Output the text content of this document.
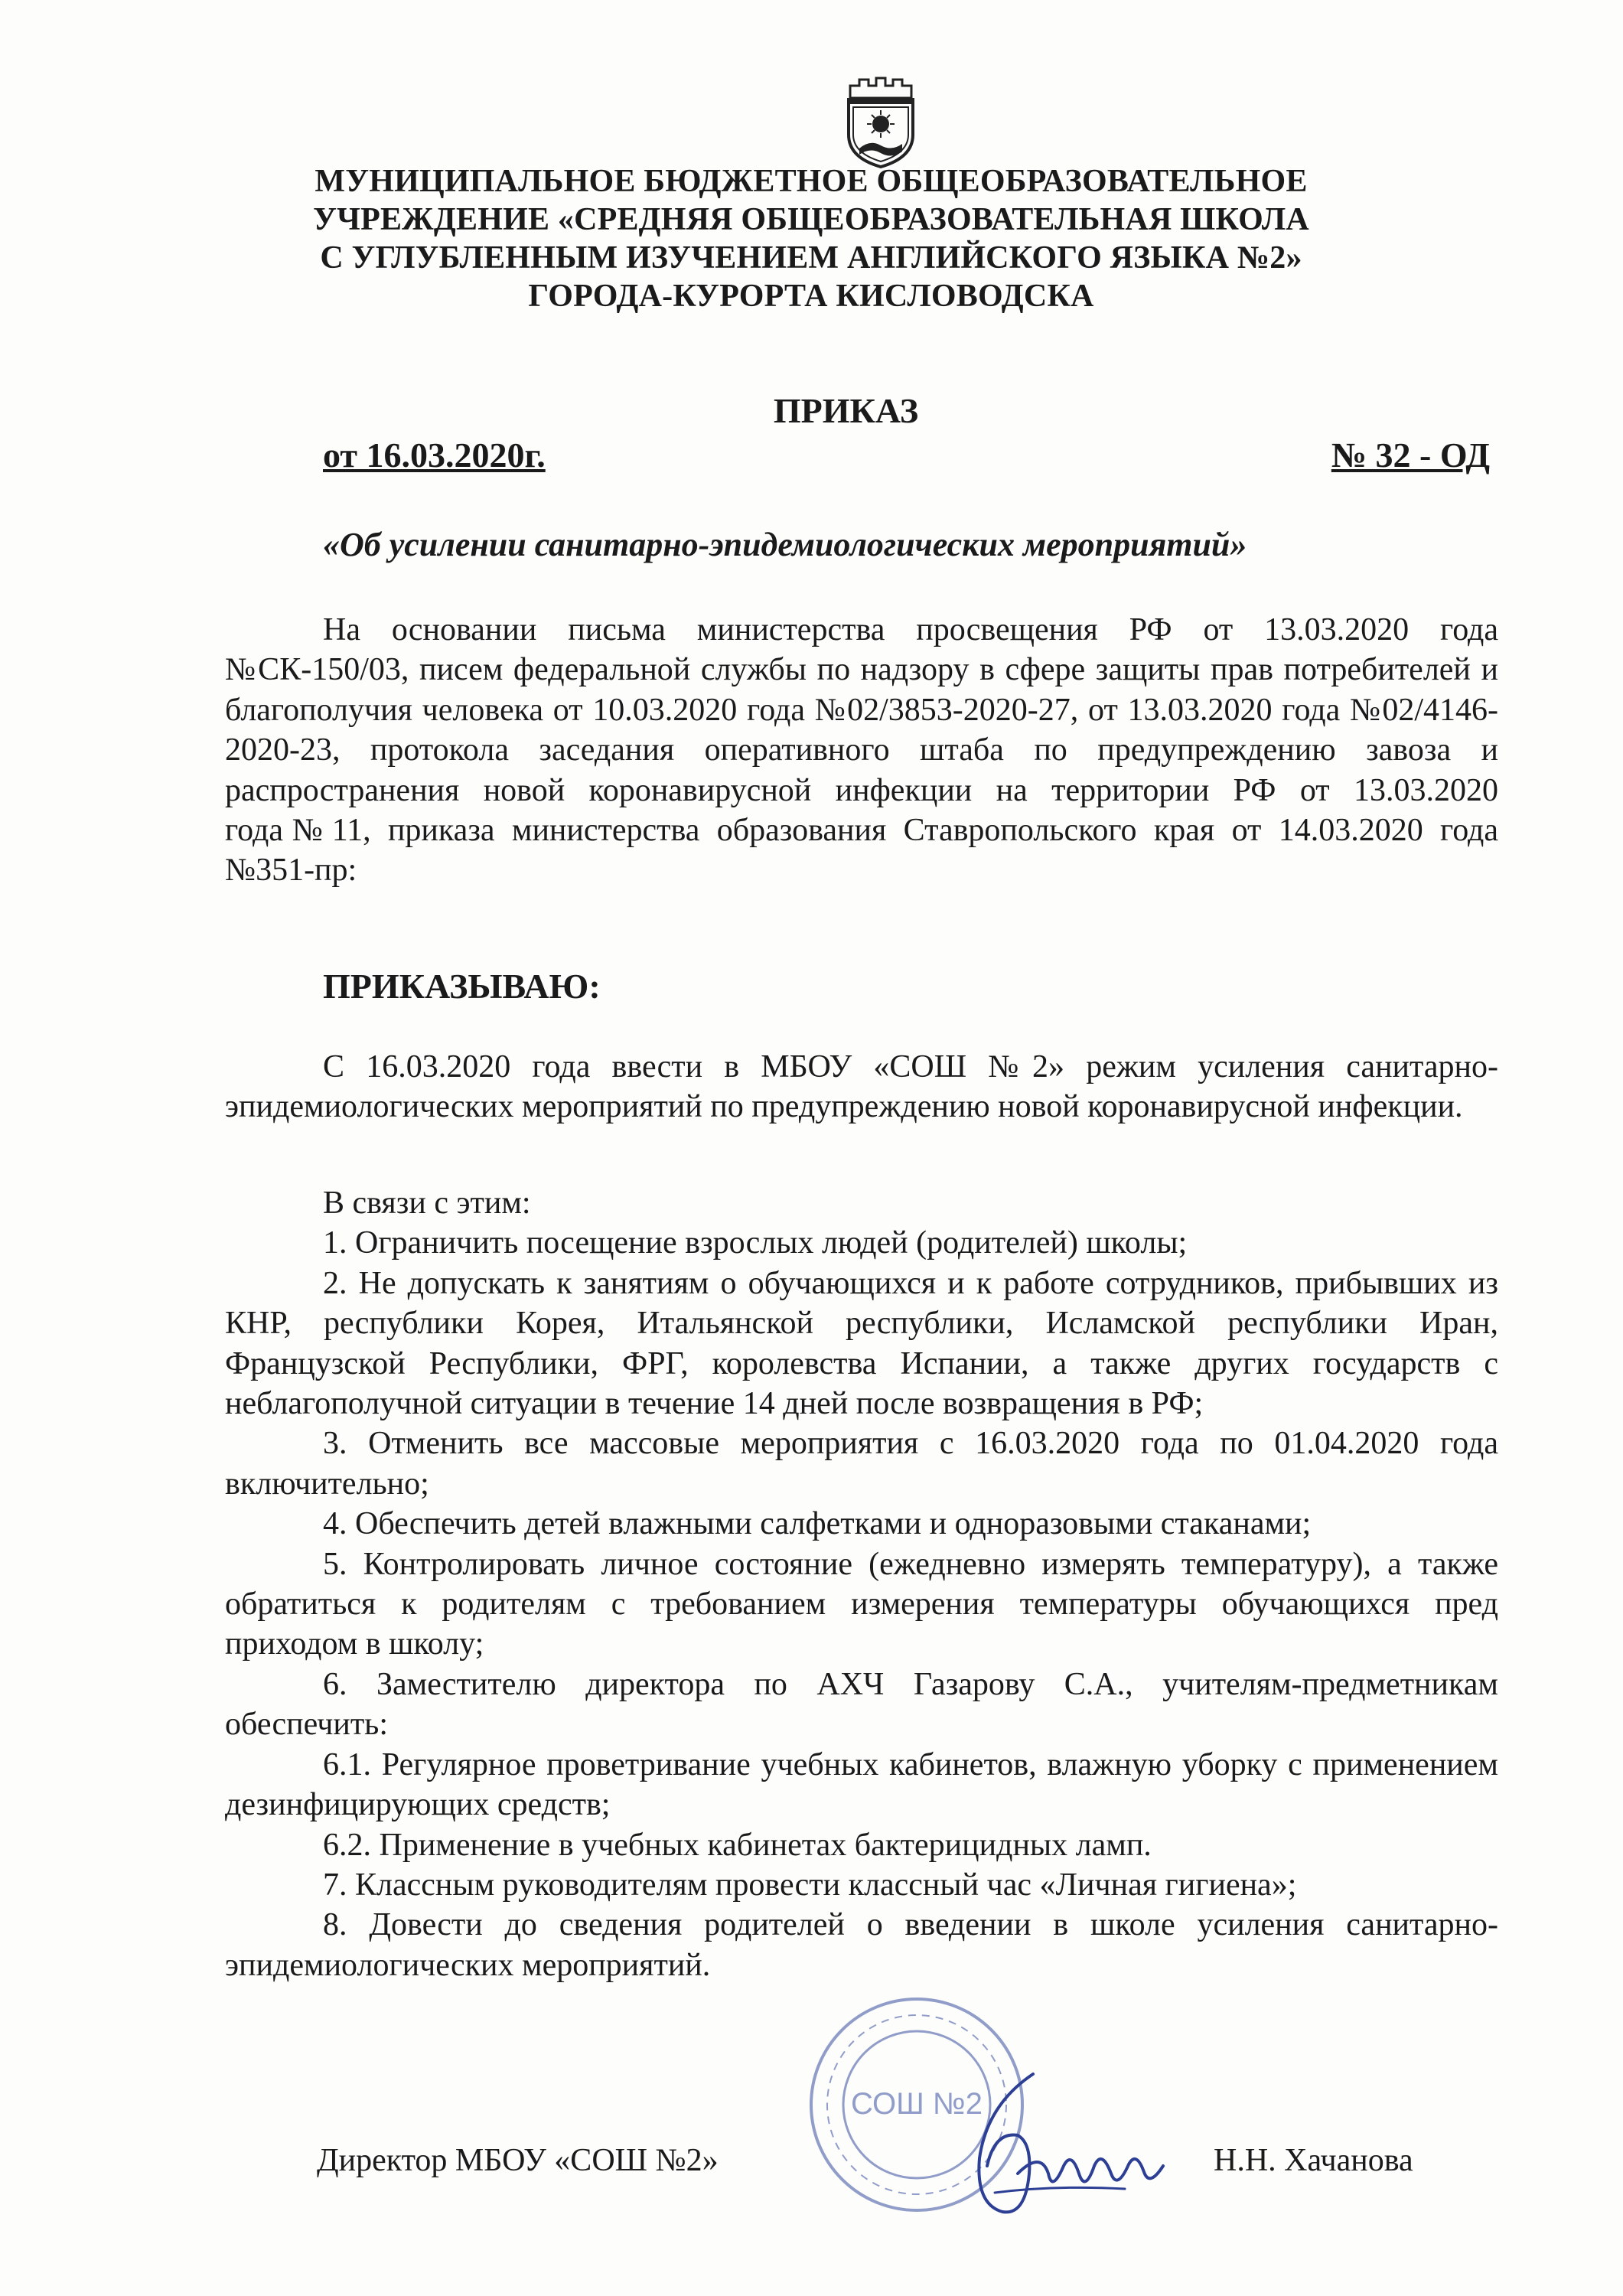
МУНИЦИПАЛЬНОЕ БЮДЖЕТНОЕ ОБЩЕОБРАЗОВАТЕЛЬНОЕ
УЧРЕЖДЕНИЕ «СРЕДНЯЯ ОБЩЕОБРАЗОВАТЕЛЬНАЯ ШКОЛА
С УГЛУБЛЕННЫМ ИЗУЧЕНИЕМ АНГЛИЙСКОГО ЯЗЫКА №2»
ГОРОДА-КУРОРТА КИСЛОВОДСКА
ПРИКАЗ
от 16.03.2020г.	№ 32 - ОД
«Об усилении санитарно-эпидемиологических мероприятий»
На основании письма министерства просвещения РФ от 13.03.2020 года №СК-150/03, писем федеральной службы по надзору в сфере защиты прав потребителей и благополучия человека от 10.03.2020 года №02/3853-2020-27, от 13.03.2020 года №02/4146-2020-23, протокола заседания оперативного штаба по предупреждению завоза и распространения новой коронавирусной инфекции на территории РФ от 13.03.2020 года№11, приказа министерства образования Ставропольского края от 14.03.2020 года №351-пр:
ПРИКАЗЫВАЮ:
С 16.03.2020 года ввести в МБОУ «СОШ №2» режим усиления санитарно-эпидемиологических мероприятий по предупреждению новой коронавирусной инфекции.

В связи с этим:

1. Ограничить посещение взрослых людей (родителей) школы;

2. Не допускать к занятиям о обучающихся и к работе сотрудников, прибывших из КНР, республики Корея, Итальянской республики, Исламской республики Иран, Французской Республики, ФРГ, королевства Испании, а также других государств с неблагополучной ситуации в течение 14 дней после возвращения в РФ;

3. Отменить все массовые мероприятия с 16.03.2020 года по 01.04.2020 года включительно;

4. Обеспечить детей влажными салфетками и одноразовыми стаканами;

5. Контролировать личное состояние (ежедневно измерять температуру), а также обратиться к родителям с требованием измерения температуры обучающихся пред приходом в школу;

6. Заместителю директора по АХЧ Газарову С.А., учителям-предметникам обеспечить:

6.1. Регулярное проветривание учебных кабинетов, влажную уборку с применением дезинфицирующих средств;

6.2. Применение в учебных кабинетах бактерицидных ламп.

7. Классным руководителям провести классный час «Личная гигиена»;

8. Довести до сведения родителей о введении в школе усиления санитарно-эпидемиологических мероприятий.

СОШ №2
Директор МБОУ «СОШ №2»	Н.Н. Хачанова
